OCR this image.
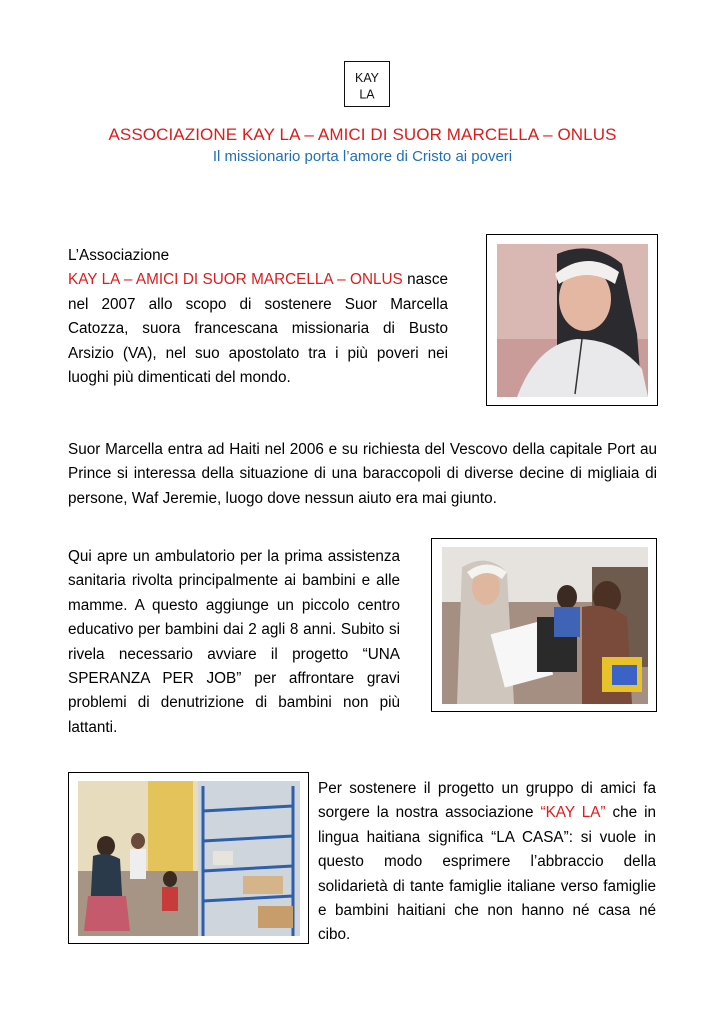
KAY
LA
ASSOCIAZIONE KAY LA – AMICI DI SUOR MARCELLA – ONLUS
Il missionario porta l’amore di Cristo ai poveri
L’Associazione
KAY LA – AMICI DI SUOR MARCELLA – ONLUS nasce nel 2007 allo scopo di sostenere Suor Marcella Catozza, suora francescana missionaria di Busto Arsizio (VA), nel suo apostolato tra i più poveri nei luoghi più dimenticati del mondo.
Suor Marcella entra ad Haiti nel 2006 e su richiesta del Vescovo della capitale Port au Prince si interessa della situazione di una baraccopoli di diverse decine di migliaia di persone, Waf Jeremie, luogo dove nessun aiuto era mai giunto.
Qui apre un ambulatorio per la prima assistenza sanitaria rivolta principalmente ai bambini e alle mamme. A questo aggiunge un piccolo centro educativo per bambini dai 2 agli 8 anni. Subito si rivela necessario avviare il progetto “UNA SPERANZA PER JOB” per affrontare gravi problemi di denutrizione di bambini non più lattanti.
Per sostenere il progetto un gruppo di amici fa sorgere la nostra associazione “KAY LA” che in lingua haitiana significa “LA CASA”: si vuole in questo modo esprimere l’abbraccio della solidarietà di tante famiglie italiane verso famiglie e bambini haitiani che non hanno né casa né cibo.
